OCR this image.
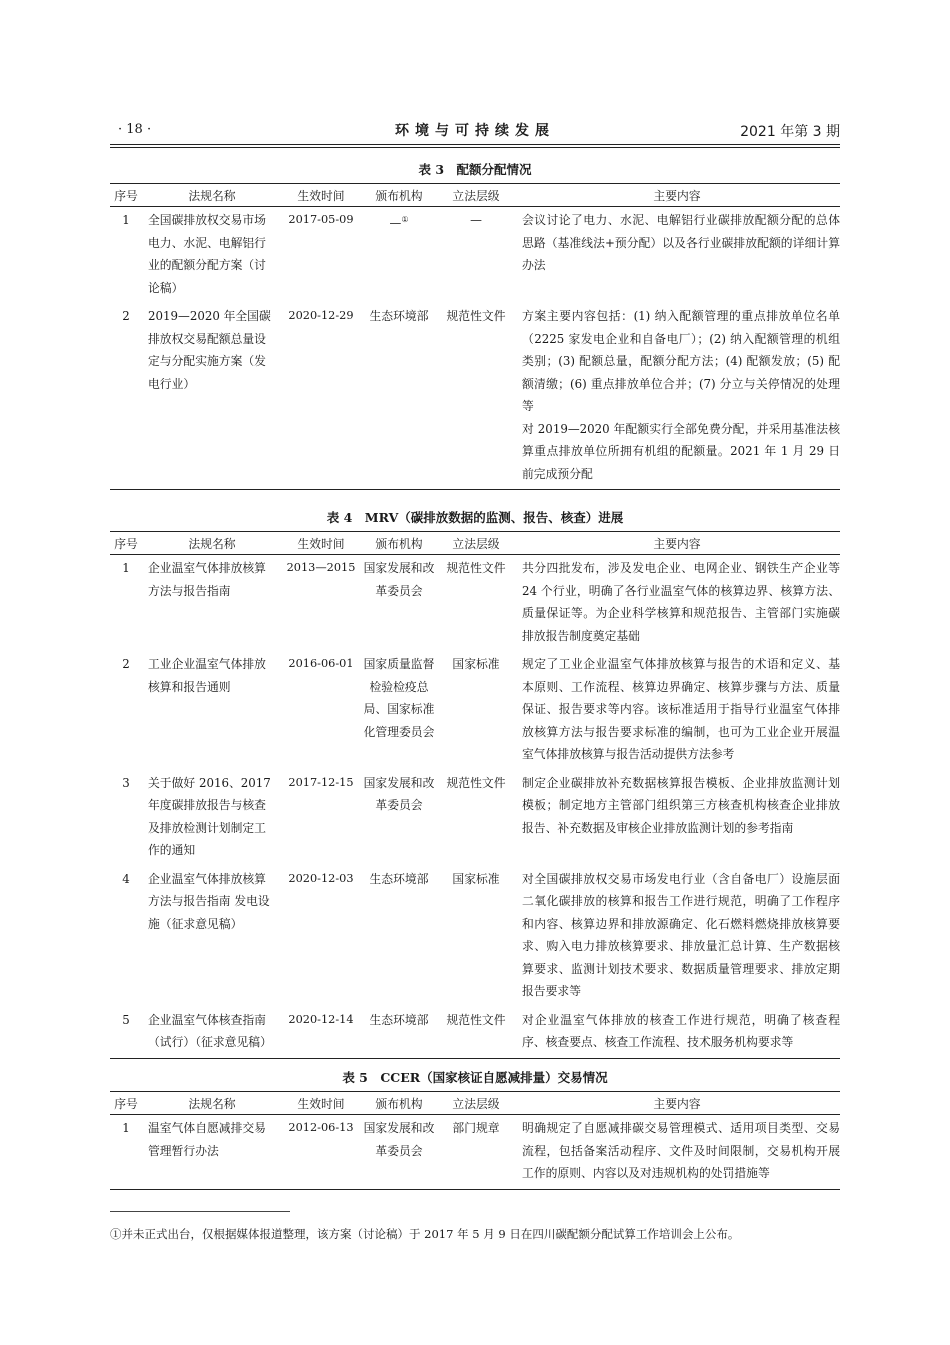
· 18 ·	环境与可持续发展	2021 年第 3 期
表 3　配额分配情况
序号	法规名称	生效时间	颁布机构	立法层级	主要内容
1	全国碳排放权交易市场电力、水泥、电解铝行业的配额分配方案（讨论稿）	2017-05-09	—①	—	会议讨论了电力、水泥、电解铝行业碳排放配额分配的总体思路（基准线法+预分配）以及各行业碳排放配额的详细计算办法

2	2019—2020 年全国碳排放权交易配额总量设定与分配实施方案（发电行业）	2020-12-29	生态环境部	规范性文件	方案主要内容包括：(1) 纳入配额管理的重点排放单位名单（2225 家发电企业和自备电厂）；(2) 纳入配额管理的机组类别；(3) 配额总量，配额分配方法；(4) 配额发放；(5) 配额清缴；(6) 重点排放单位合并；(7) 分立与关停情况的处理等

对 2019—2020 年配额实行全部免费分配，并采用基准法核算重点排放单位所拥有机组的配额量。2021 年 1 月 29 日前完成预分配

表 4　MRV（碳排放数据的监测、报告、核查）进展
序号	法规名称	生效时间	颁布机构	立法层级	主要内容
1	企业温室气体排放核算方法与报告指南	2013—2015	国家发展和改革委员会	规范性文件	共分四批发布，涉及发电企业、电网企业、钢铁生产企业等 24 个行业，明确了各行业温室气体的核算边界、核算方法、质量保证等。为企业科学核算和规范报告、主管部门实施碳排放报告制度奠定基础

2	工业企业温室气体排放核算和报告通则	2016-06-01	国家质量监督检验检疫总局、国家标准化管理委员会	国家标准	规定了工业企业温室气体排放核算与报告的术语和定义、基本原则、工作流程、核算边界确定、核算步骤与方法、质量保证、报告要求等内容。该标准适用于指导行业温室气体排放核算方法与报告要求标准的编制，也可为工业企业开展温室气体排放核算与报告活动提供方法参考

3	关于做好 2016、2017 年度碳排放报告与核查及排放检测计划制定工作的通知	2017-12-15	国家发展和改革委员会	规范性文件	制定企业碳排放补充数据核算报告模板、企业排放监测计划模板；制定地方主管部门组织第三方核查机构核查企业排放报告、补充数据及审核企业排放监测计划的参考指南

4	企业温室气体排放核算方法与报告指南 发电设施（征求意见稿）	2020-12-03	生态环境部	国家标准	对全国碳排放权交易市场发电行业（含自备电厂）设施层面二氧化碳排放的核算和报告工作进行规范，明确了工作程序和内容、核算边界和排放源确定、化石燃料燃烧排放核算要求、购入电力排放核算要求、排放量汇总计算、生产数据核算要求、监测计划技术要求、数据质量管理要求、排放定期报告要求等

5	企业温室气体核查指南（试行）（征求意见稿）	2020-12-14	生态环境部	规范性文件	对企业温室气体排放的核查工作进行规范，明确了核查程序、核查要点、核查工作流程、技术服务机构要求等

表 5　CCER（国家核证自愿减排量）交易情况
序号	法规名称	生效时间	颁布机构	立法层级	主要内容
1	温室气体自愿减排交易管理暂行办法	2012-06-13	国家发展和改革委员会	部门规章	明确规定了自愿减排碳交易管理模式、适用项目类型、交易流程，包括备案活动程序、文件及时间限制，交易机构开展工作的原则、内容以及对违规机构的处罚措施等

①并未正式出台，仅根据媒体报道整理，该方案（讨论稿）于 2017 年 5 月 9 日在四川碳配额分配试算工作培训会上公布。
